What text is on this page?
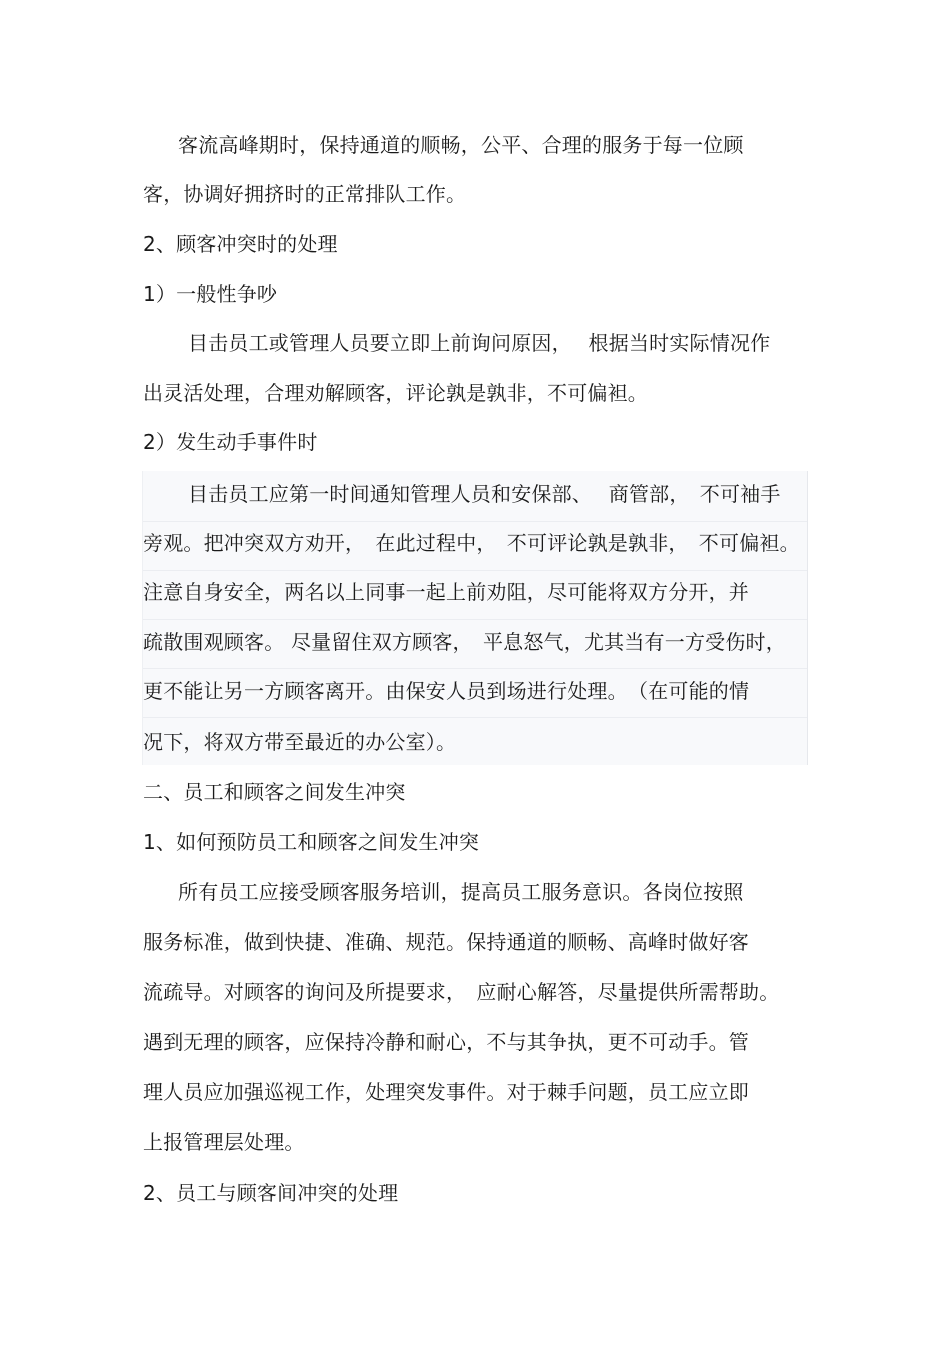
客流高峰期时，保持通道的顺畅，公平、合理的服务于每一位顾
客，协调好拥挤时的正常排队工作。
2、顾客冲突时的处理
1）一般性争吵
目击员工或管理人员要立即上前询问原因，　 根据当时实际情况作
出灵活处理，合理劝解顾客，评论孰是孰非，不可偏袒。
2）发生动手事件时
目击员工应第一时间通知管理人员和安保部、　 商管部，　不可袖手
旁观。把冲突双方劝开，　在此过程中，　不可评论孰是孰非，　不可偏袒。
注意自身安全，两名以上同事一起上前劝阻，尽可能将双方分开，并
疏散围观顾客。 尽量留住双方顾客，　平息怒气，尤其当有一方受伤时，
更不能让另一方顾客离开。由保安人员到场进行处理。　（在可能的情
况下，将双方带至最近的办公室）。
二、员工和顾客之间发生冲突
1、如何预防员工和顾客之间发生冲突
所有员工应接受顾客服务培训，提高员工服务意识。各岗位按照
服务标准，做到快捷、准确、规范。保持通道的顺畅、高峰时做好客
流疏导。对顾客的询问及所提要求，　应耐心解答，尽量提供所需帮助。
遇到无理的顾客，应保持冷静和耐心，不与其争执，更不可动手。管
理人员应加强巡视工作，处理突发事件。对于棘手问题，员工应立即
上报管理层处理。
2、员工与顾客间冲突的处理
